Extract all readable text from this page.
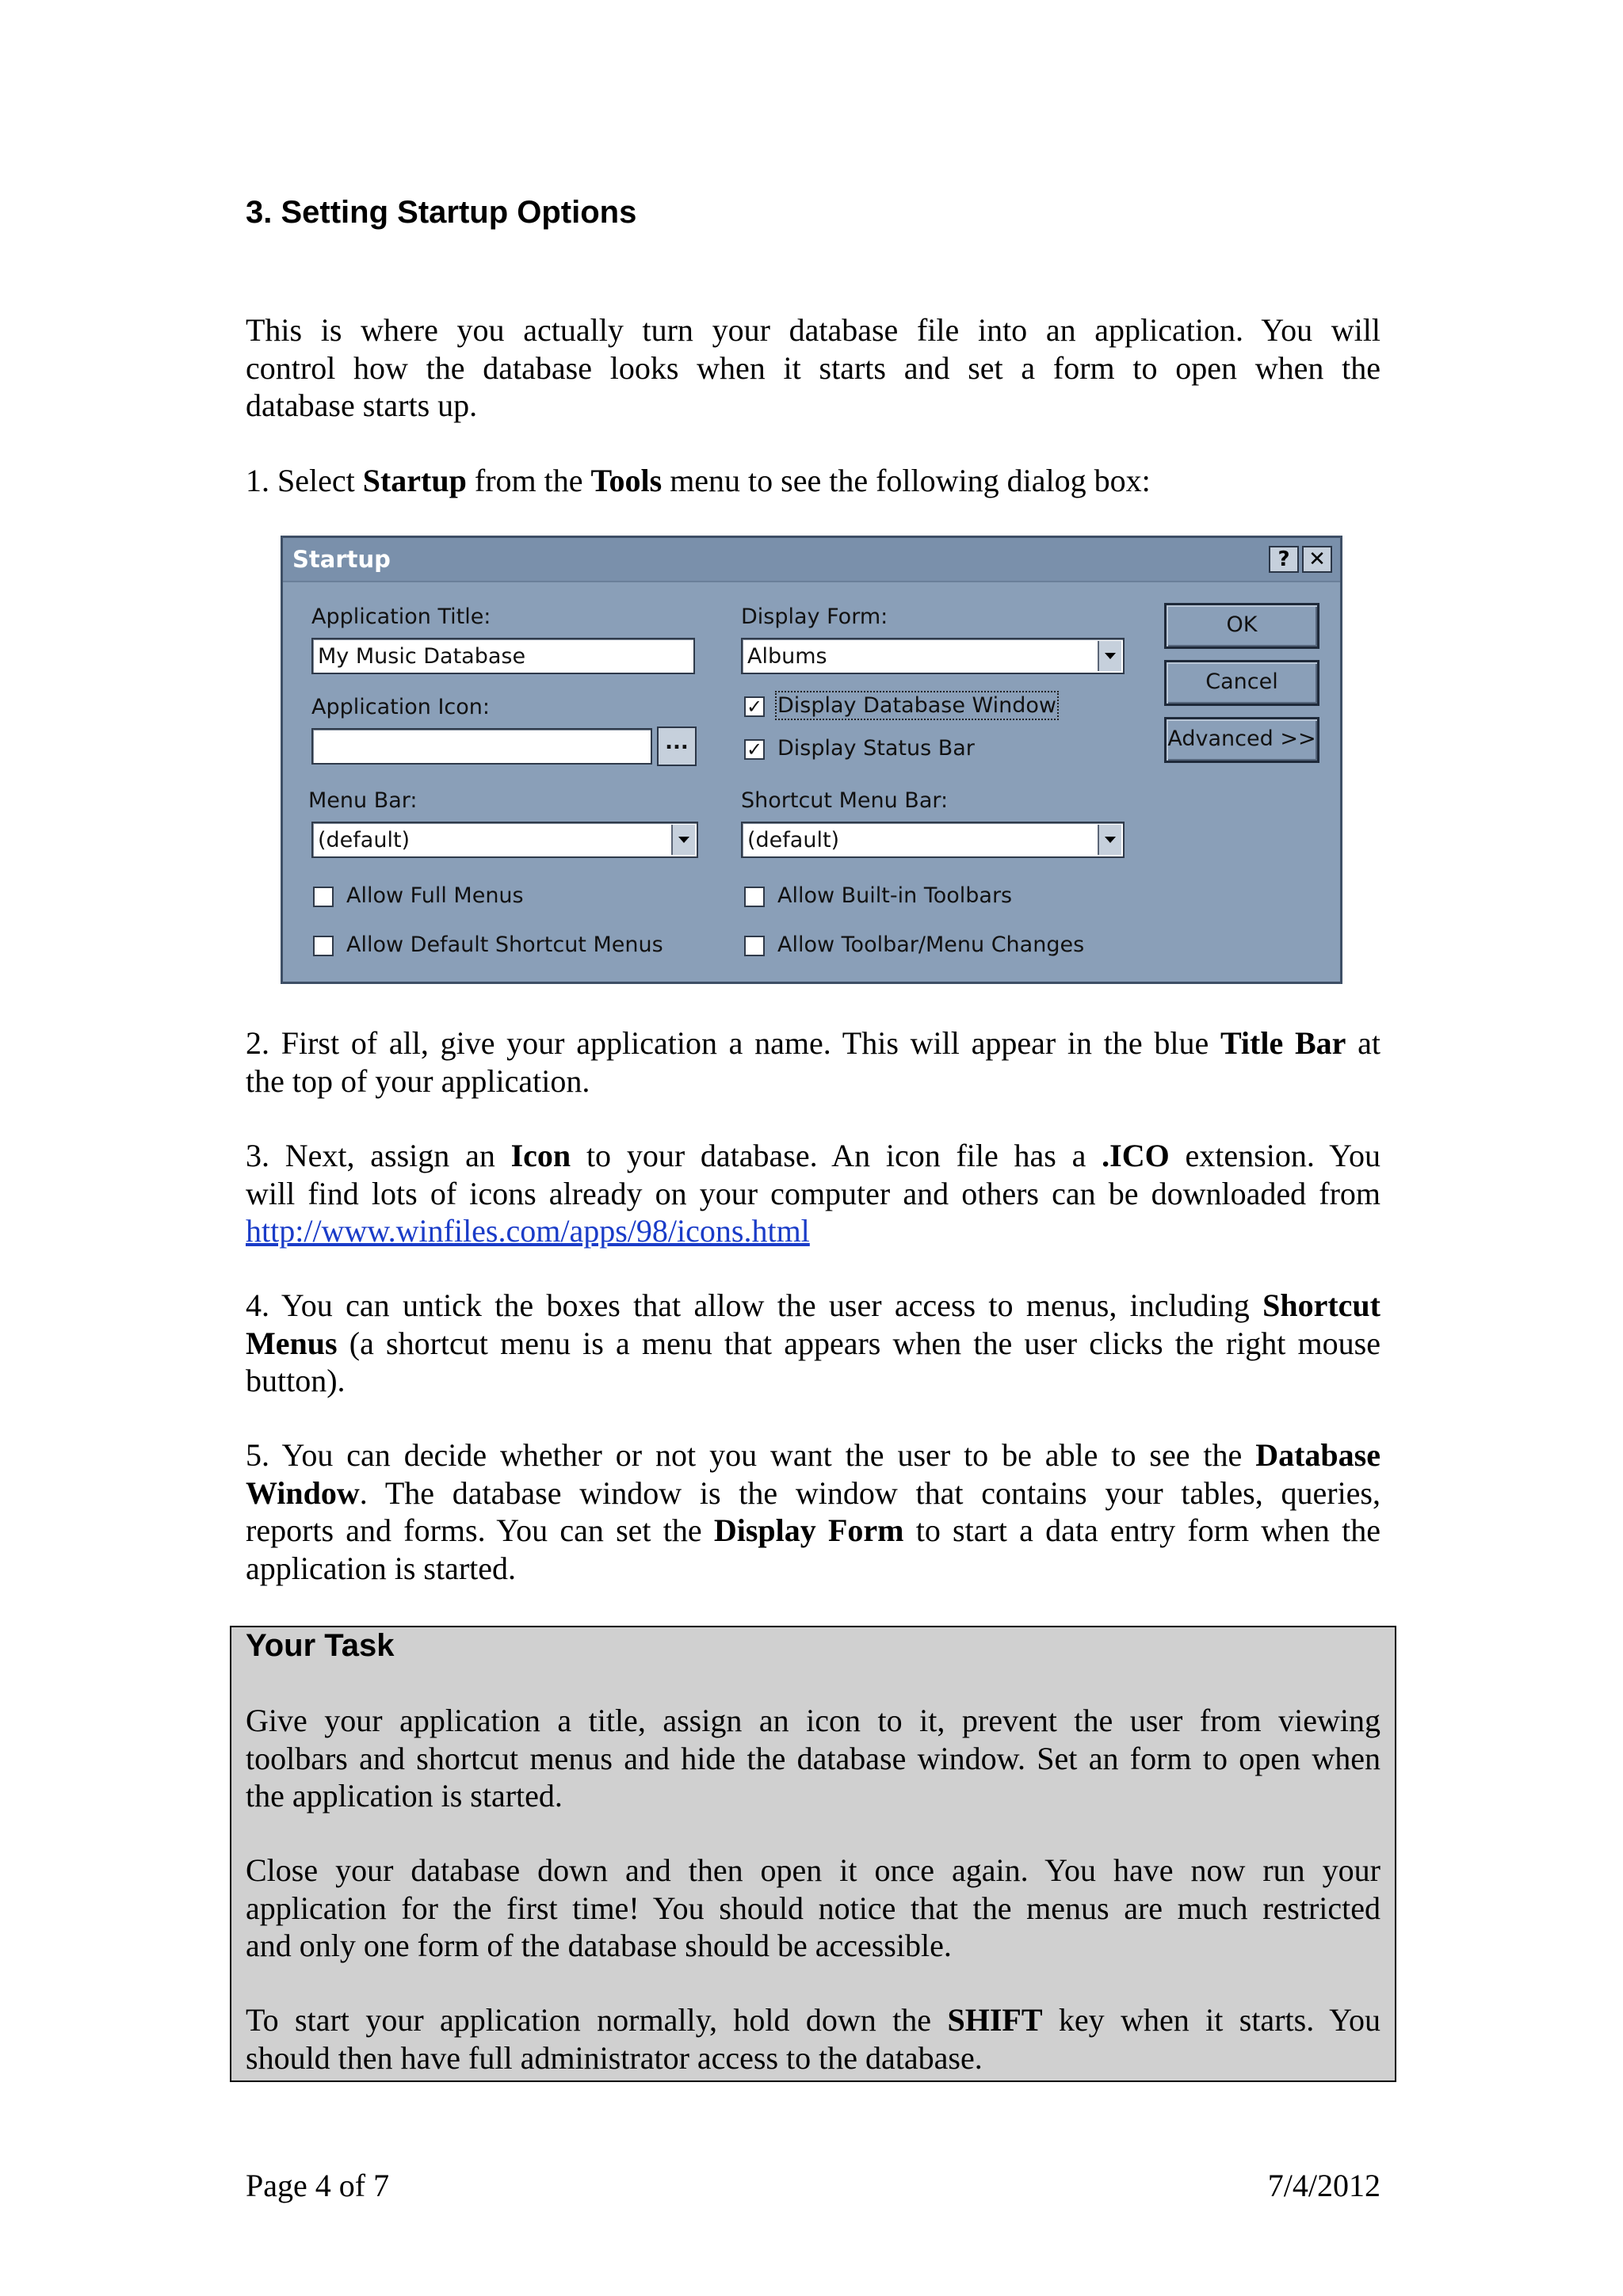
3. Setting Startup Options
This is where you actually turn your database file into an application. You will
control how the database looks when it starts and set a form to open when the
database starts up.
1. Select Startup from the Tools menu to see the following dialog box:
Startup	? ✕
Application Title:
My Music Database
Application Icon:
...
Menu Bar:
(default)
Allow Full Menus
Allow Default Shortcut Menus
Display Form:
Albums
✓ Display Database Window
✓ Display Status Bar
Shortcut Menu Bar:
(default)
Allow Built-in Toolbars
Allow Toolbar/Menu Changes
OK
Cancel
Advanced >>
2. First of all, give your application a name. This will appear in the blue Title Bar at
the top of your application.
3. Next, assign an Icon to your database. An icon file has a .ICO extension. You
will find lots of icons already on your computer and others can be downloaded from
http://www.winfiles.com/apps/98/icons.html
4. You can untick the boxes that allow the user access to menus, including Shortcut
Menus (a shortcut menu is a menu that appears when the user clicks the right mouse
button).
5. You can decide whether or not you want the user to be able to see the Database
Window. The database window is the window that contains your tables, queries,
reports and forms. You can set the Display Form to start a data entry form when the
application is started.
Your Task
Give your application a title, assign an icon to it, prevent the user from viewing
toolbars and shortcut menus and hide the database window. Set an form to open when
the application is started.
Close your database down and then open it once again. You have now run your
application for the first time! You should notice that the menus are much restricted
and only one form of the database should be accessible.
To start your application normally, hold down the SHIFT key when it starts. You
should then have full administrator access to the database.
Page 4 of 7	7/4/2012
